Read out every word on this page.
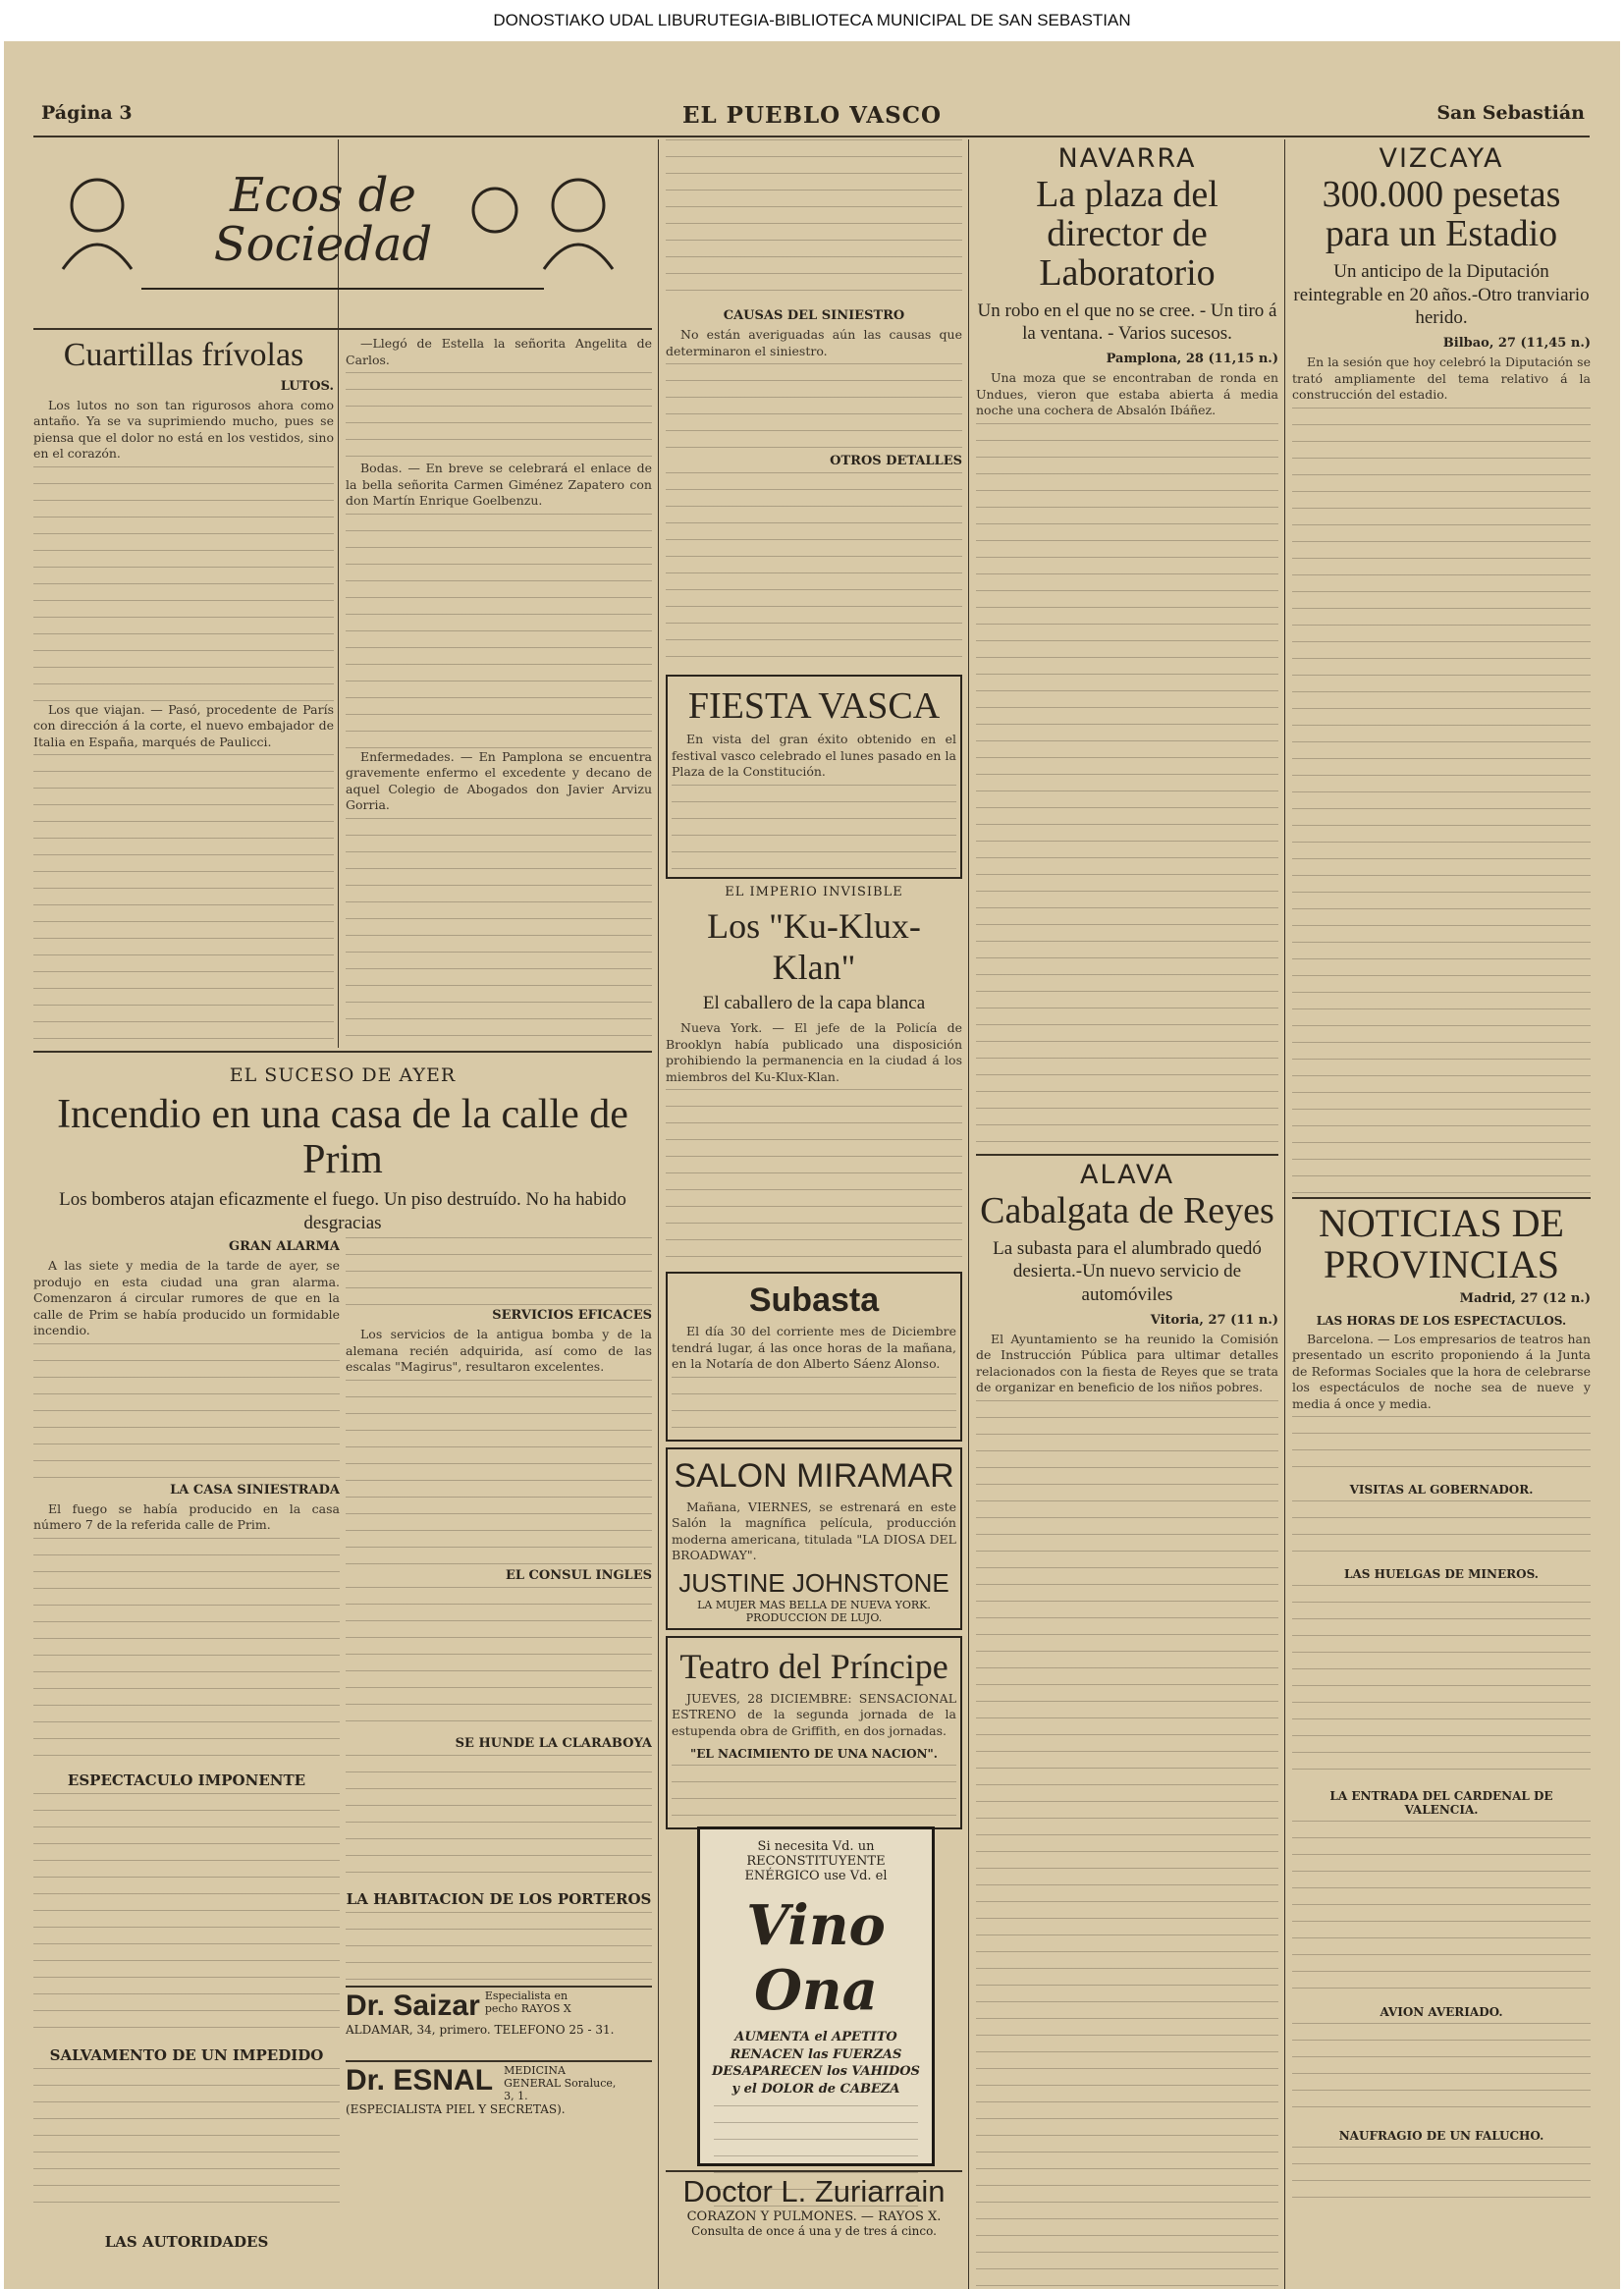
DONOSTIAKO UDAL LIBURUTEGIA-BIBLIOTECA MUNICIPAL DE SAN SEBASTIAN
Página 3	EL PUEBLO VASCO	San Sebastián
Ecos de Sociedad
Cuartillas frívolas
LUTOS.

Los lutos no son tan rigurosos ahora como antaño. Ya se va suprimiendo mucho, pues se piensa que el dolor no está en los vestidos, sino en el corazón.

Los que viajan. — Pasó, procedente de París con dirección á la corte, el nuevo embajador de Italia en España, marqués de Paulicci.

—Llegó de Estella la señorita Angelita de Carlos.

Bodas. — En breve se celebrará el enlace de la bella señorita Carmen Giménez Zapatero con don Martín Enrique Goelbenzu.

Enfermedades. — En Pamplona se encuentra gravemente enfermo el excedente y decano de aquel Colegio de Abogados don Javier Arvizu Gorria.

EL SUCESO DE AYER
Incendio en una casa de la calle de Prim
Los bomberos atajan eficazmente el fuego. Un piso destruído. No ha habido desgracias
GRAN ALARMA

A las siete y media de la tarde de ayer, se produjo en esta ciudad una gran alarma. Comenzaron á circular rumores de que en la calle de Prim se había producido un formidable incendio.

LA CASA SINIESTRADA

El fuego se había producido en la casa número 7 de la referida calle de Prim.

ESPECTACULO IMPONENTE
SALVAMENTO DE UN IMPEDIDO
SERVICIOS EFICACES

Los servicios de la antigua bomba y de la alemana recién adquirida, así como de las escalas "Magirus", resultaron excelentes.

EL CONSUL INGLES
SE HUNDE LA CLARABOYA
LA HABITACION DE LOS PORTEROS
LAS AUTORIDADES
Dr. Saizar Especialista en pecho RAYOS X
ALDAMAR, 34, primero. TELEFONO 25 - 31.
Dr. ESNAL MEDICINA GENERAL Soraluce, 3, 1.
(ESPECIALISTA PIEL Y SECRETAS).
CAUSAS DEL SINIESTRO

No están averiguadas aún las causas que determinaron el siniestro.

OTROS DETALLES
FIESTA VASCA

En vista del gran éxito obtenido en el festival vasco celebrado el lunes pasado en la Plaza de la Constitución.

EL IMPERIO INVISIBLE
Los "Ku-Klux-Klan"
El caballero de la capa blanca

Nueva York. — El jefe de la Policía de Brooklyn había publicado una disposición prohibiendo la permanencia en la ciudad á los miembros del Ku-Klux-Klan.

Subasta

El día 30 del corriente mes de Diciembre tendrá lugar, á las once horas de la mañana, en la Notaría de don Alberto Sáenz Alonso.

SALON MIRAMAR

Mañana, VIERNES, se estrenará en este Salón la magnífica película, producción moderna americana, titulada "LA DIOSA DEL BROADWAY".

JUSTINE JOHNSTONE
LA MUJER MAS BELLA DE NUEVA YORK. PRODUCCION DE LUJO.
Teatro del Príncipe

JUEVES, 28 DICIEMBRE: SENSACIONAL ESTRENO de la segunda jornada de la estupenda obra de Griffith, en dos jornadas.

"EL NACIMIENTO DE UNA NACION".
Si necesita Vd. un RECONSTITUYENTE ENÉRGICO use Vd. el
Vino Ona
AUMENTA el APETITO
RENACEN las FUERZAS
DESAPARECEN los VAHIDOS
y el DOLOR de CABEZA
Doctor L. Zuriarrain
CORAZON Y PULMONES. — RAYOS X.
Consulta de once á una y de tres á cinco.
NAVARRA
La plaza del director de Laboratorio
Un robo en el que no se cree. - Un tiro á la ventana. - Varios sucesos.
Pamplona, 28 (11,15 n.)

Una moza que se encontraban de ronda en Undues, vieron que estaba abierta á media noche una cochera de Absalón Ibáñez.

ALAVA
Cabalgata de Reyes
La subasta para el alumbrado quedó desierta.-Un nuevo servicio de automóviles
Vitoria, 27 (11 n.)

El Ayuntamiento se ha reunido la Comisión de Instrucción Pública para ultimar detalles relacionados con la fiesta de Reyes que se trata de organizar en beneficio de los niños pobres.

VIZCAYA
300.000 pesetas para un Estadio
Un anticipo de la Diputación reintegrable en 20 años.-Otro tranviario herido.
Bilbao, 27 (11,45 n.)

En la sesión que hoy celebró la Diputación se trató ampliamente del tema relativo á la construcción del estadio.

NOTICIAS DE PROVINCIAS
Madrid, 27 (12 n.)
LAS HORAS DE LOS ESPECTACULOS.

Barcelona. — Los empresarios de teatros han presentado un escrito proponiendo á la Junta de Reformas Sociales que la hora de celebrarse los espectáculos de noche sea de nueve y media á once y media.

VISITAS AL GOBERNADOR.
LAS HUELGAS DE MINEROS.
LA ENTRADA DEL CARDENAL DE VALENCIA.
AVION AVERIADO.
NAUFRAGIO DE UN FALUCHO.
